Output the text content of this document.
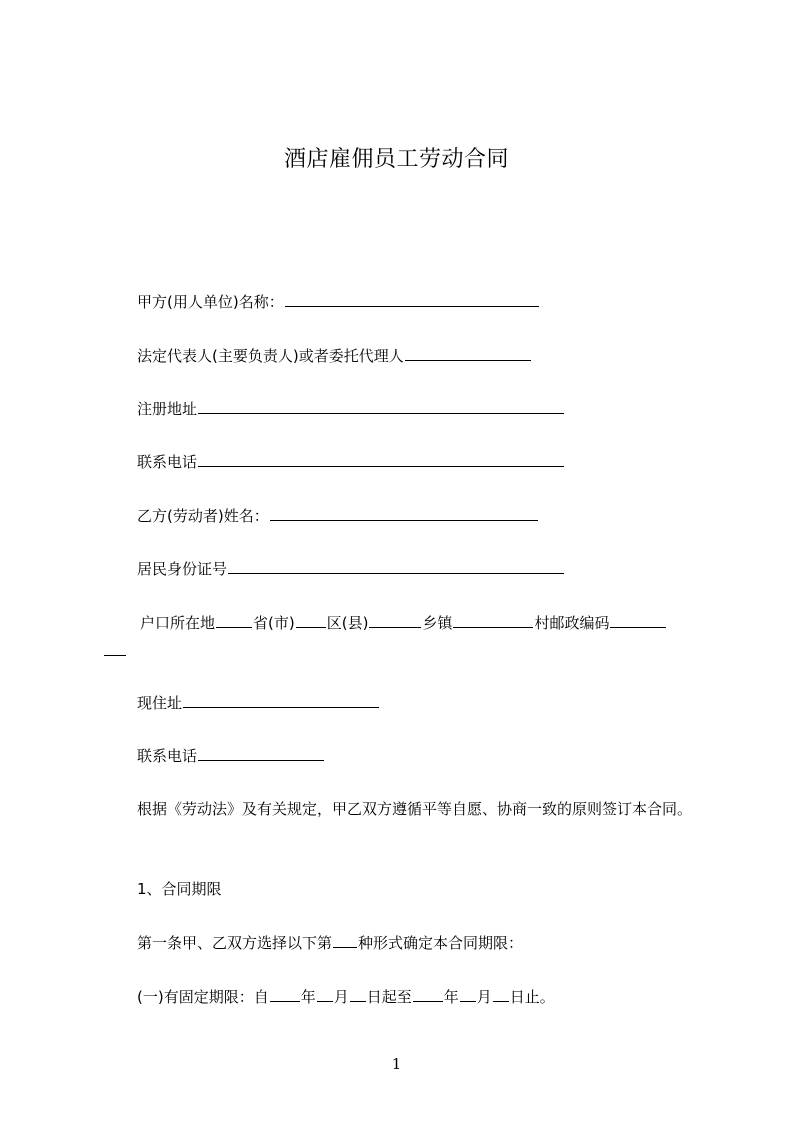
酒店雇佣员工劳动合同
甲方(用人单位)名称：
法定代表人(主要负责人)或者委托代理人
注册地址
联系电话
乙方(劳动者)姓名：
居民身份证号
户口所在地	省(市) 区(县)	乡镇	村邮政编码
现住址
联系电话
根据《劳动法》及有关规定，甲乙双方遵循平等自愿、协商一致的原则签订本合同。
1、合同期限
第一条甲、乙双方选择以下第 种形式确定本合同期限：
(一)有固定期限：自 年 月 日起至 年 月 日止。
1
